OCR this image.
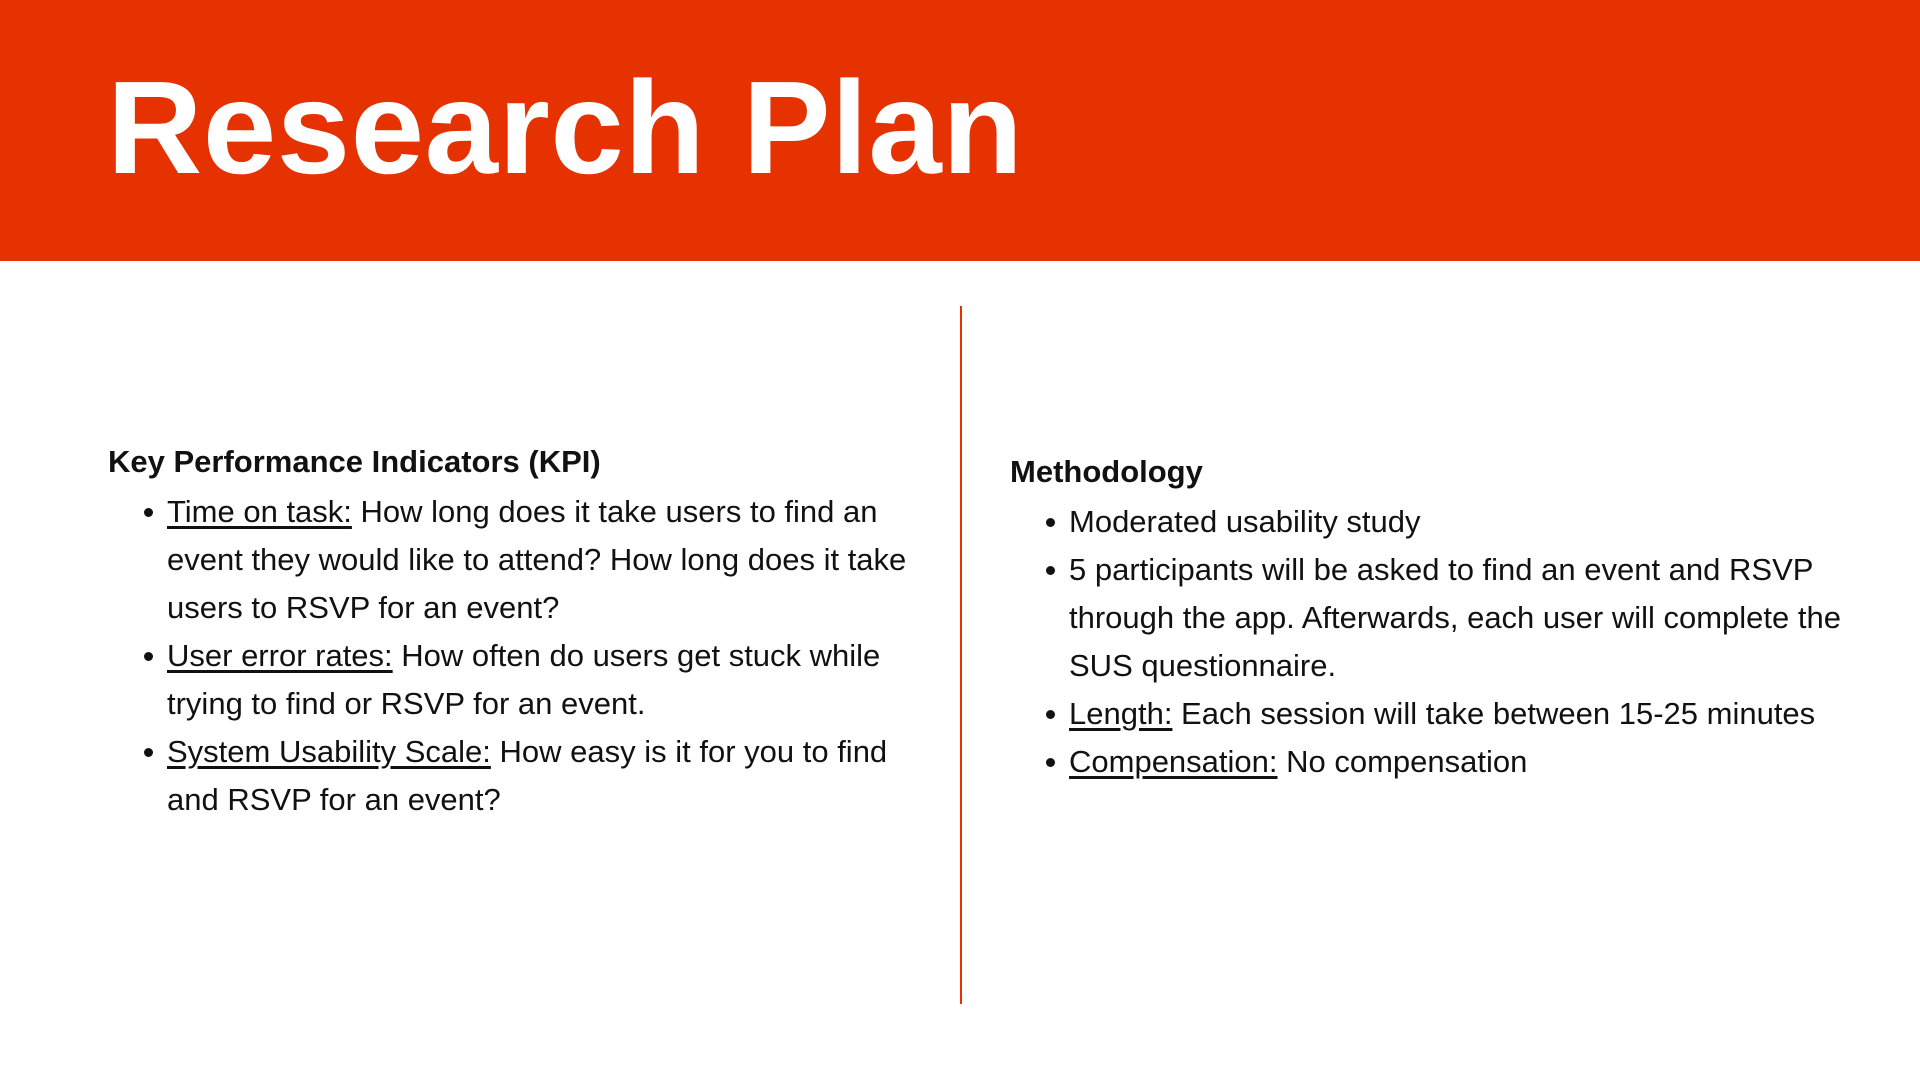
Research Plan
Key Performance Indicators (KPI)
Time on task: How long does it take users to find an event they would like to attend? How long does it take users to RSVP for an event?
User error rates: How often do users get stuck while trying to find or RSVP for an event.
System Usability Scale: How easy is it for you to find and RSVP for an event?
Methodology
Moderated usability study
5 participants will be asked to find an event and RSVP through the app. Afterwards, each user will complete the SUS questionnaire.
Length: Each session will take between 15-25 minutes
Compensation: No compensation
